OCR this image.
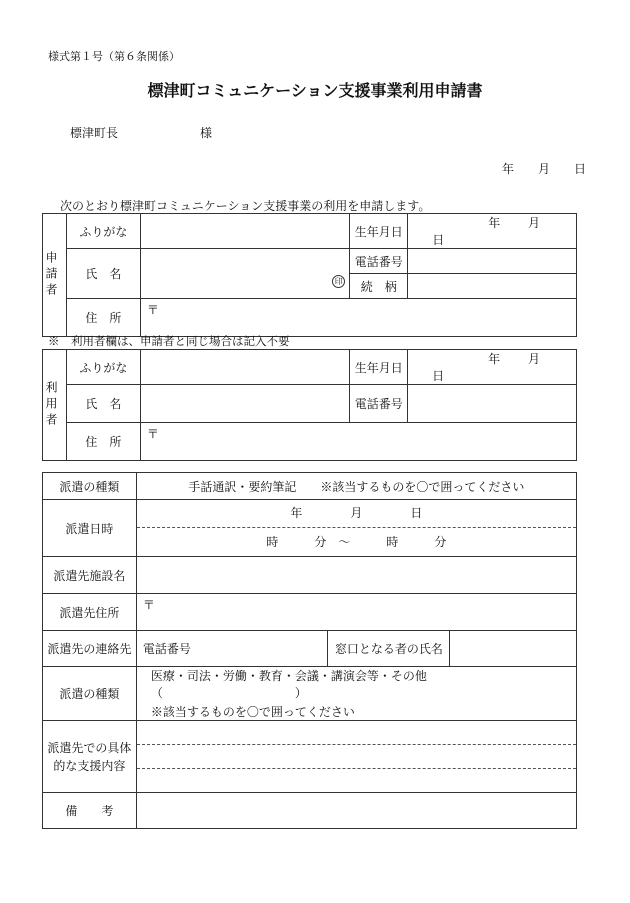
様式第１号（第６条関係）
標津町コミュニケーション支援事業利用申請書
標津町長	様
年 月 日
次のとおり標津町コミュニケーション支援事業の利用を申請します。
申請者	ふりがな		生年月日	年 月 日
	氏　名	印	電話番号	
			続　柄	
	住　所	〒		
※　利用者欄は、申請者と同じ場合は記入不要
利用者	ふりがな		生年月日	年 月 日
	氏　名		電話番号	
	住　所	〒		
派遣の種類	手話通訳・要約筆記　　※該当するものを〇で囲ってください		
派遣日時	年　　　　月　　　　日
時　　　分　～　　　時　　　分		

派遣先施設名			
派遣先住所	〒		
派遣先の連絡先	電話番号	窓口となる者の氏名	
派遣の種類	医療・司法・労働・教育・会議・講演会等・その他（　　　　　　　　　　　）
※該当するものを〇で囲ってください		

派遣先での具体的な支援内容			

備　　考			
